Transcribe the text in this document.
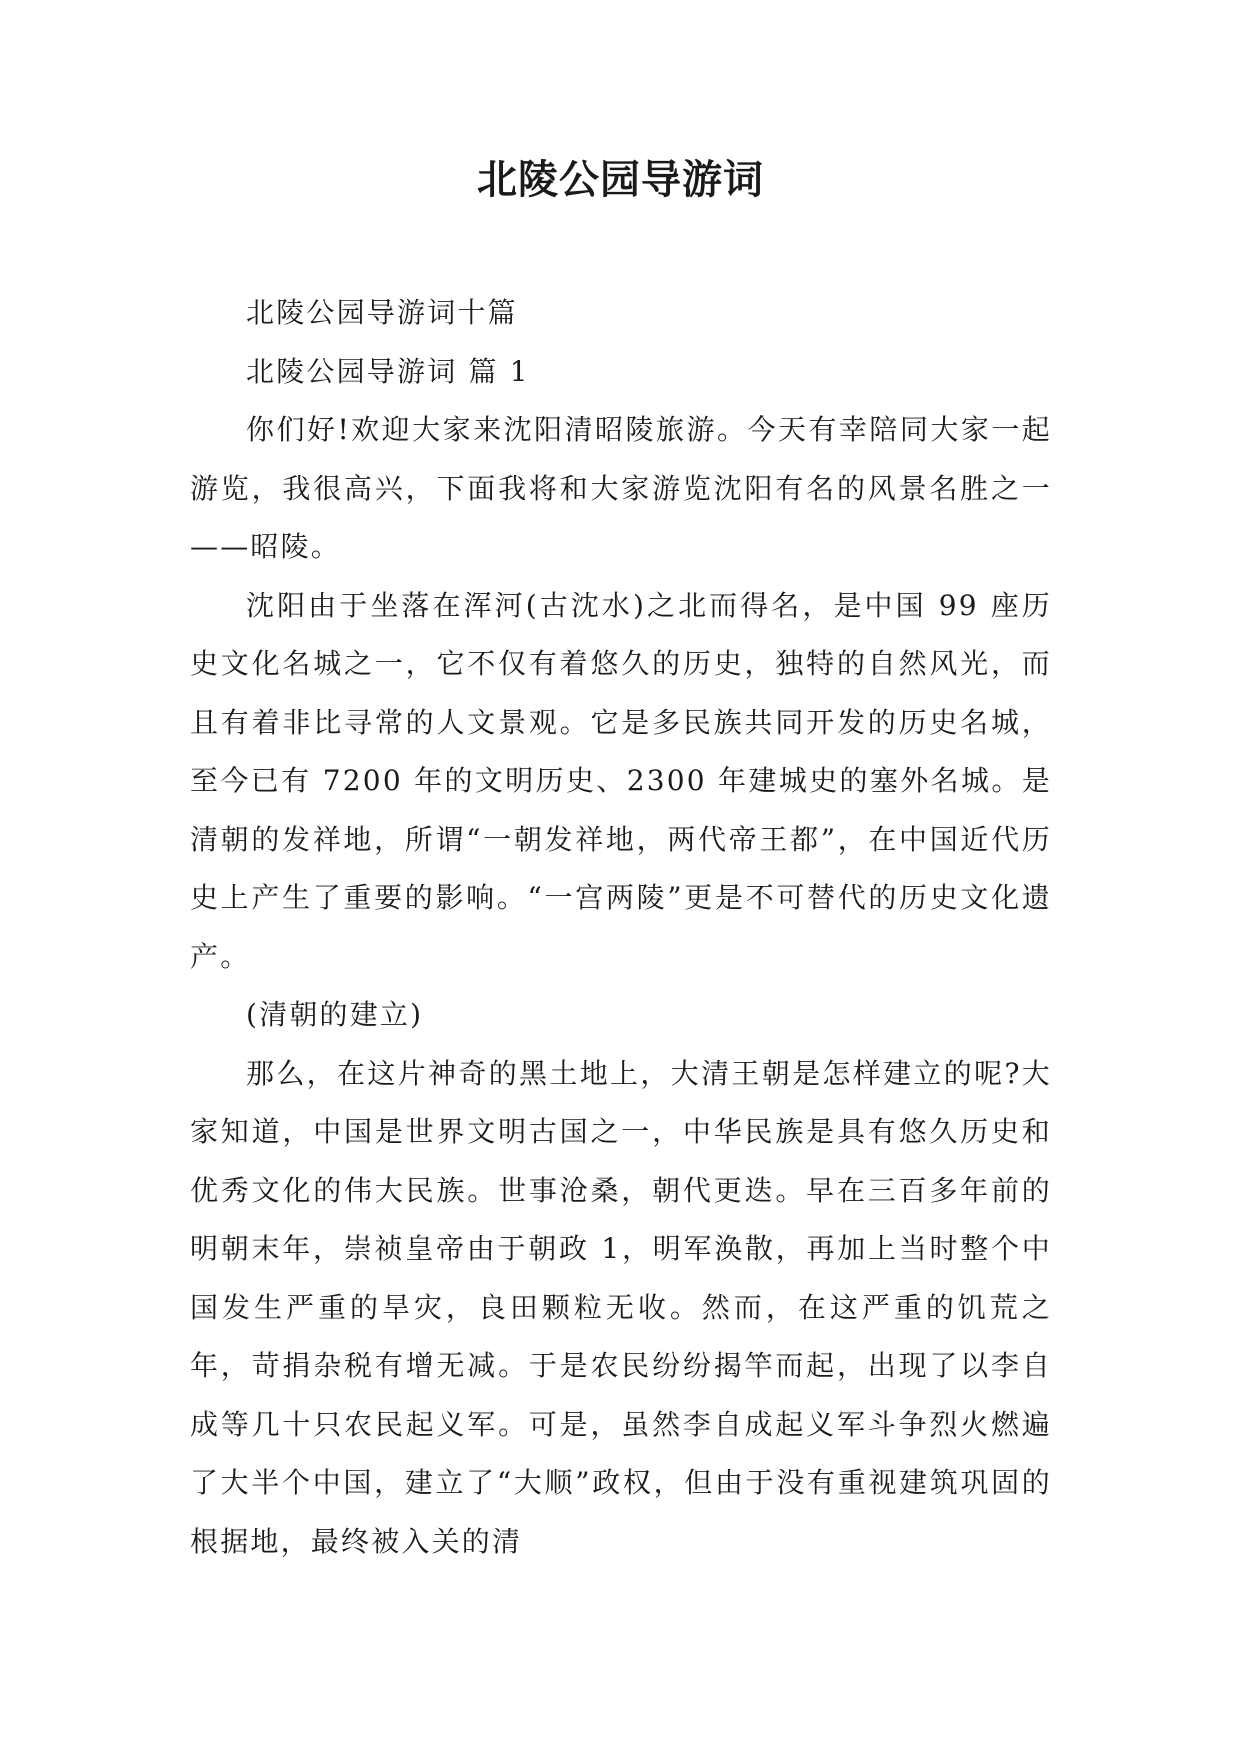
北陵公园导游词

北陵公园导游词十篇

北陵公园导游词 篇 1

你们好!欢迎大家来沈阳清昭陵旅游。今天有幸陪同大家一起游览，我很高兴，下面我将和大家游览沈阳有名的风景名胜之一——昭陵。

沈阳由于坐落在浑河(古沈水)之北而得名，是中国 99 座历史文化名城之一，它不仅有着悠久的历史，独特的自然风光，而且有着非比寻常的人文景观。它是多民族共同开发的历史名城，至今已有 7200 年的文明历史、2300 年建城史的塞外名城。是清朝的发祥地，所谓“一朝发祥地，两代帝王都”，在中国近代历史上产生了重要的影响。“一宫两陵”更是不可替代的历史文化遗产。

(清朝的建立)

那么，在这片神奇的黑土地上，大清王朝是怎样建立的呢?大家知道，中国是世界文明古国之一，中华民族是具有悠久历史和优秀文化的伟大民族。世事沧桑，朝代更迭。早在三百多年前的明朝末年，崇祯皇帝由于朝政 1，明军涣散，再加上当时整个中国发生严重的旱灾，良田颗粒无收。然而，在这严重的饥荒之年，苛捐杂税有增无减。于是农民纷纷揭竿而起，出现了以李自成等几十只农民起义军。可是，虽然李自成起义军斗争烈火燃遍了大半个中国，建立了“大顺”政权，但由于没有重视建筑巩固的根据地，最终被入关的清
